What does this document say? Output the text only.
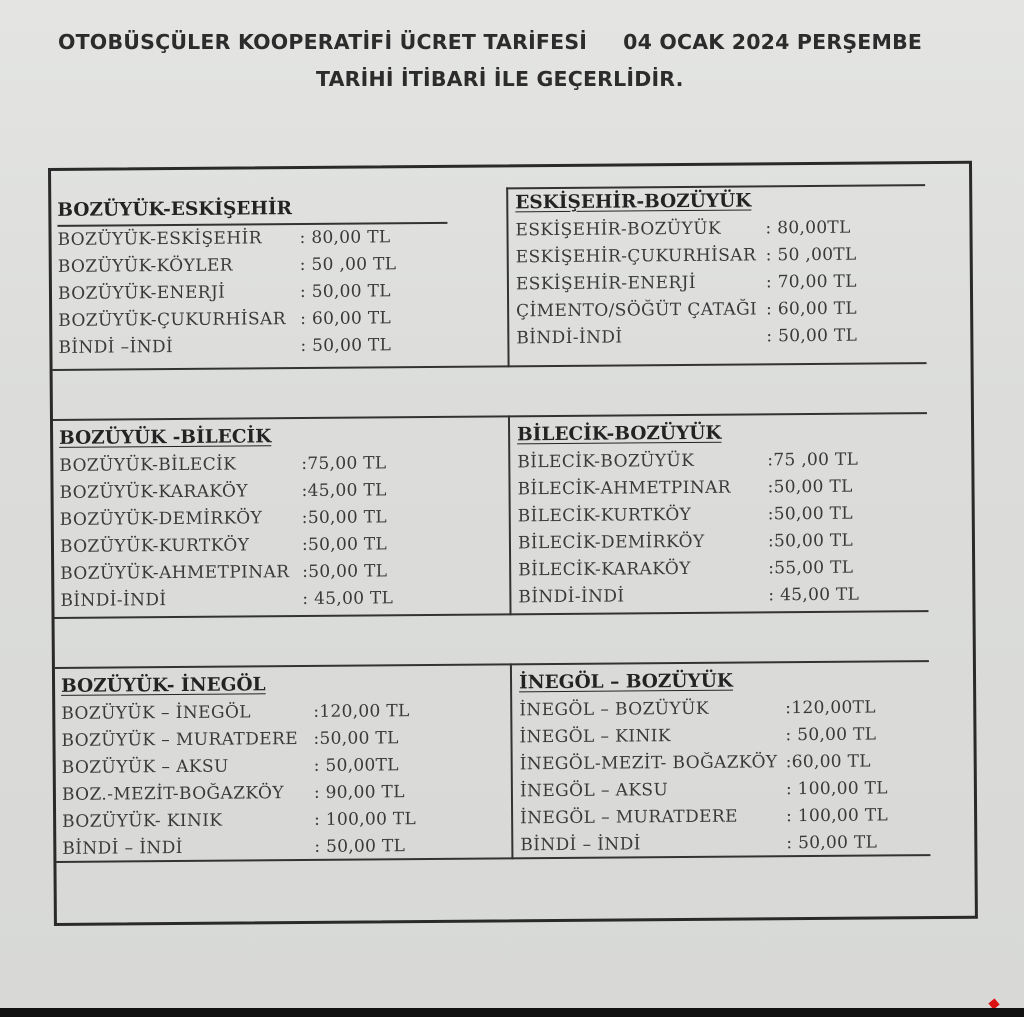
OTOBÜSÇÜLER KOOPERATİFİ ÜCRET TARİFESİ 04 OCAK 2024 PERŞEMBE
TARİHİ İTİBARİ İLE GEÇERLİDİR.
BOZÜYÜK-ESKİŞEHİR
BOZÜYÜK-ESKİŞEHİR : 80,00 TL
BOZÜYÜK-KÖYLER	: 50 ,00 TL
BOZÜYÜK-ENERJİ	: 50,00 TL
BOZÜYÜK-ÇUKURHİSAR : 60,00 TL
BİNDİ –İNDİ	: 50,00 TL
ESKİŞEHİR-BOZÜYÜK
ESKİŞEHİR-BOZÜYÜK	: 80,00TL
ESKİŞEHİR-ÇUKURHİSAR : 50 ,00TL
ESKİŞEHİR-ENERJİ	: 70,00 TL
ÇİMENTO/SÖĞÜT ÇATAĞI : 60,00 TL
BİNDİ-İNDİ	: 50,00 TL
BOZÜYÜK -BİLECİK
BOZÜYÜK-BİLECİK	:75,00 TL
BOZÜYÜK-KARAKÖY	:45,00 TL
BOZÜYÜK-DEMİRKÖY :50,00 TL
BOZÜYÜK-KURTKÖY	:50,00 TL
BOZÜYÜK-AHMETPINAR :50,00 TL
BİNDİ-İNDİ	: 45,00 TL
BİLECİK-BOZÜYÜK
BİLECİK-BOZÜYÜK	:75 ,00 TL
BİLECİK-AHMETPINAR :50,00 TL
BİLECİK-KURTKÖY	:50,00 TL
BİLECİK-DEMİRKÖY	:50,00 TL
BİLECİK-KARAKÖY	:55,00 TL
BİNDİ-İNDİ	: 45,00 TL
BOZÜYÜK- İNEGÖL
BOZÜYÜK – İNEGÖL	:120,00 TL
BOZÜYÜK – MURATDERE :50,00 TL
BOZÜYÜK – AKSU	: 50,00TL
BOZ.-MEZİT-BOĞAZKÖY : 90,00 TL
BOZÜYÜK- KINIK	: 100,00 TL
BİNDİ – İNDİ	: 50,00 TL
İNEGÖL – BOZÜYÜK
İNEGÖL – BOZÜYÜK	:120,00TL
İNEGÖL – KINIK	: 50,00 TL
İNEGÖL-MEZİT- BOĞAZKÖY :60,00 TL
İNEGÖL – AKSU	: 100,00 TL
İNEGÖL – MURATDERE	: 100,00 TL
BİNDİ – İNDİ	: 50,00 TL
